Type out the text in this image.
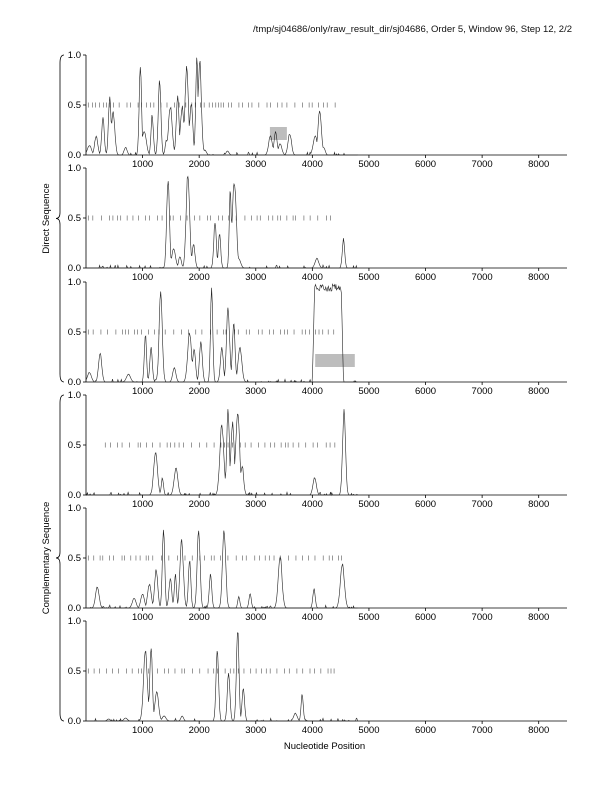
/tmp/sj04686/only/raw_result_dir/sj04686, Order 5, Window 96, Step 12, 2/2
0.0
0.5
1.0
1000	2000	3000	4000	5000	6000	7000	8000
0.0
0.5
1.0
1000	2000	3000	4000	5000	6000	7000	8000
0.0
0.5
1.0
1000	2000	3000	4000	5000	6000	7000	8000
0.0
0.5
1.0
1000	2000	3000	4000	5000	6000	7000	8000
0.0
0.5
1.0
1000	2000	3000	4000	5000	6000	7000	8000
0.0
0.5
1.0
1000	2000	3000	4000	5000	6000	7000	8000
Direct Sequence
Complementary Sequence
Nucleotide Position
